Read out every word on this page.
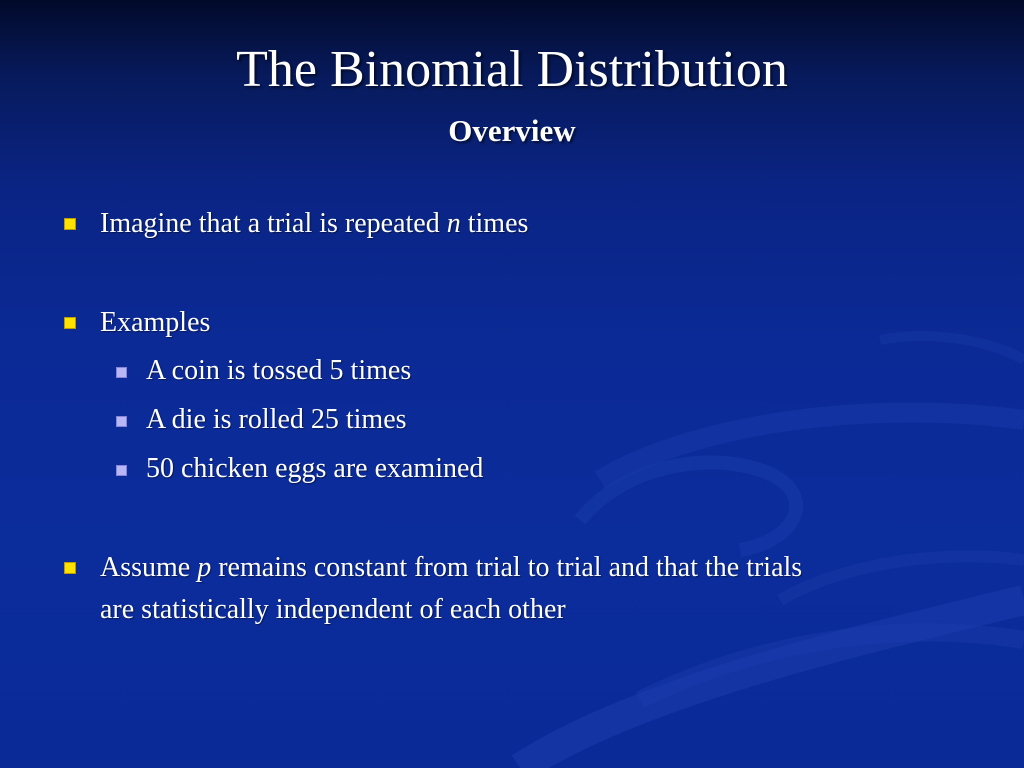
The Binomial Distribution
Overview
Imagine that a trial is repeated n times
Examples
A coin is tossed 5 times
A die is rolled 25 times
50 chicken eggs are examined
Assume p remains constant from trial to trial and that the trials
are statistically independent of each other
